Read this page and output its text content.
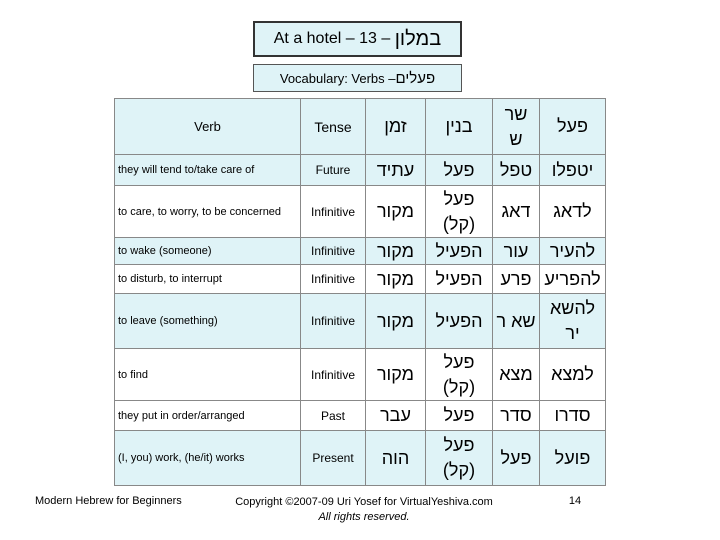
At a hotel – 13 –
במלון
Vocabulary: Verbs – פעלים
Verb	Tense	זמן	בנין	שר ש	פעל
they will tend to/take care of	Future	עתיד	פעל	טפל	יטפלו
to care, to worry, to be concerned	Infinitive	מקור	פעל (קל)	דאג	לדאג
to wake (someone)	Infinitive	מקור	הפעיל	עור	להעיר
to disturb, to interrupt	Infinitive	מקור	הפעיל	פרע	להפריע
to leave (something)	Infinitive	מקור	הפעיל	שא ר	להשא יר
to find	Infinitive	מקור	פעל (קל)	מצא	למצא
they put in order/arranged	Past	עבר	פעל	סדר	סדרו
(I, you) work, (he/it) works	Present	הוה	פעל (קל)	פעל	פועל
Modern Hebrew for Beginners	Copyright ©2007-09 Uri Yosef for VirtualYeshiva.com
All rights reserved.
14
